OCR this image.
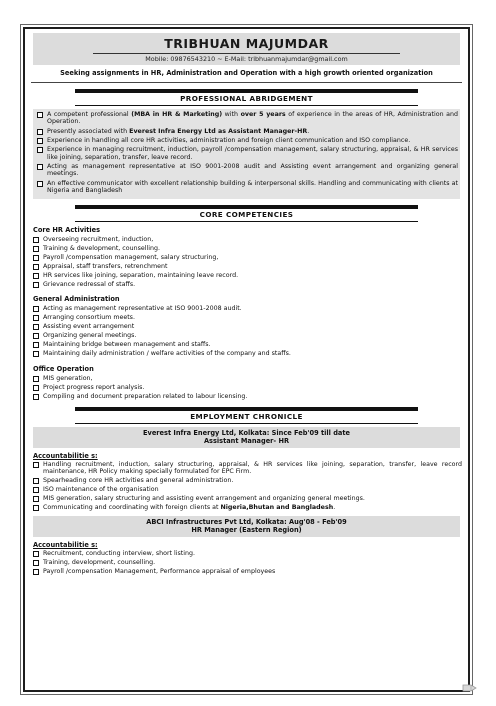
TRIBHUAN MAJUMDAR
Mobile: 09876543210 ~ E-Mail: tribhuanmajumdar@gmail.com
Seeking assignments in HR, Administration and Operation with a high growth oriented organization
PROFESSIONAL ABRIDGEMENT
A competent professional (MBA in HR & Marketing) with over 5 years of experience in the areas of HR, Administration and Operation.
Presently associated with Everest Infra Energy Ltd as Assistant Manager-HR.
Experience in handling all core HR activities, administration and foreign client communication and ISO compliance.
Experience in managing recruitment, induction, payroll /compensation management, salary structuring, appraisal, & HR services like joining, separation, transfer, leave record.
Acting as management representative at ISO 9001-2008 audit and Assisting event arrangement and organizing general meetings.
An effective communicator with excellent relationship building & interpersonal skills. Handling and communicating with clients at Nigeria and Bangladesh
CORE COMPETENCIES
Core HR Activities
Overseeing recruitment, induction,
Training & development, counselling.
Payroll /compensation management, salary structuring,
Appraisal, staff transfers, retrenchment
HR services like joining, separation, maintaining leave record.
Grievance redressal of staffs.
General Administration
Acting as management representative at ISO 9001-2008 audit.
Arranging consortium meets.
Assisting event arrangement
Organizing general meetings.
Maintaining bridge between management and staffs.
Maintaining daily administration / welfare activities of the company and staffs.
Office Operation
MIS generation,
Project progress report analysis.
Compiling and document preparation related to labour licensing.
EMPLOYMENT CHRONICLE
Everest Infra Energy Ltd, Kolkata: Since Feb'09 till date
Assistant Manager- HR
Accountabilitie s:
Handling recruitment, induction, salary structuring, appraisal, & HR services like joining, separation, transfer, leave record maintenance, HR Policy making specially formulated for EPC Firm.
Spearheading core HR activities and general administration.
ISO maintenance of the organisation
MIS generation, salary structuring and assisting event arrangement and organizing general meetings.
Communicating and coordinating with foreign clients at Nigeria,Bhutan and Bangladesh.
ABCI Infrastructures Pvt Ltd, Kolkata: Aug'08 - Feb'09
HR Manager (Eastern Region)
Accountabilitie s:
Recruitment, conducting interview, short listing.
Training, development, counselling.
Payroll /compensation Management, Performance appraisal of employees
